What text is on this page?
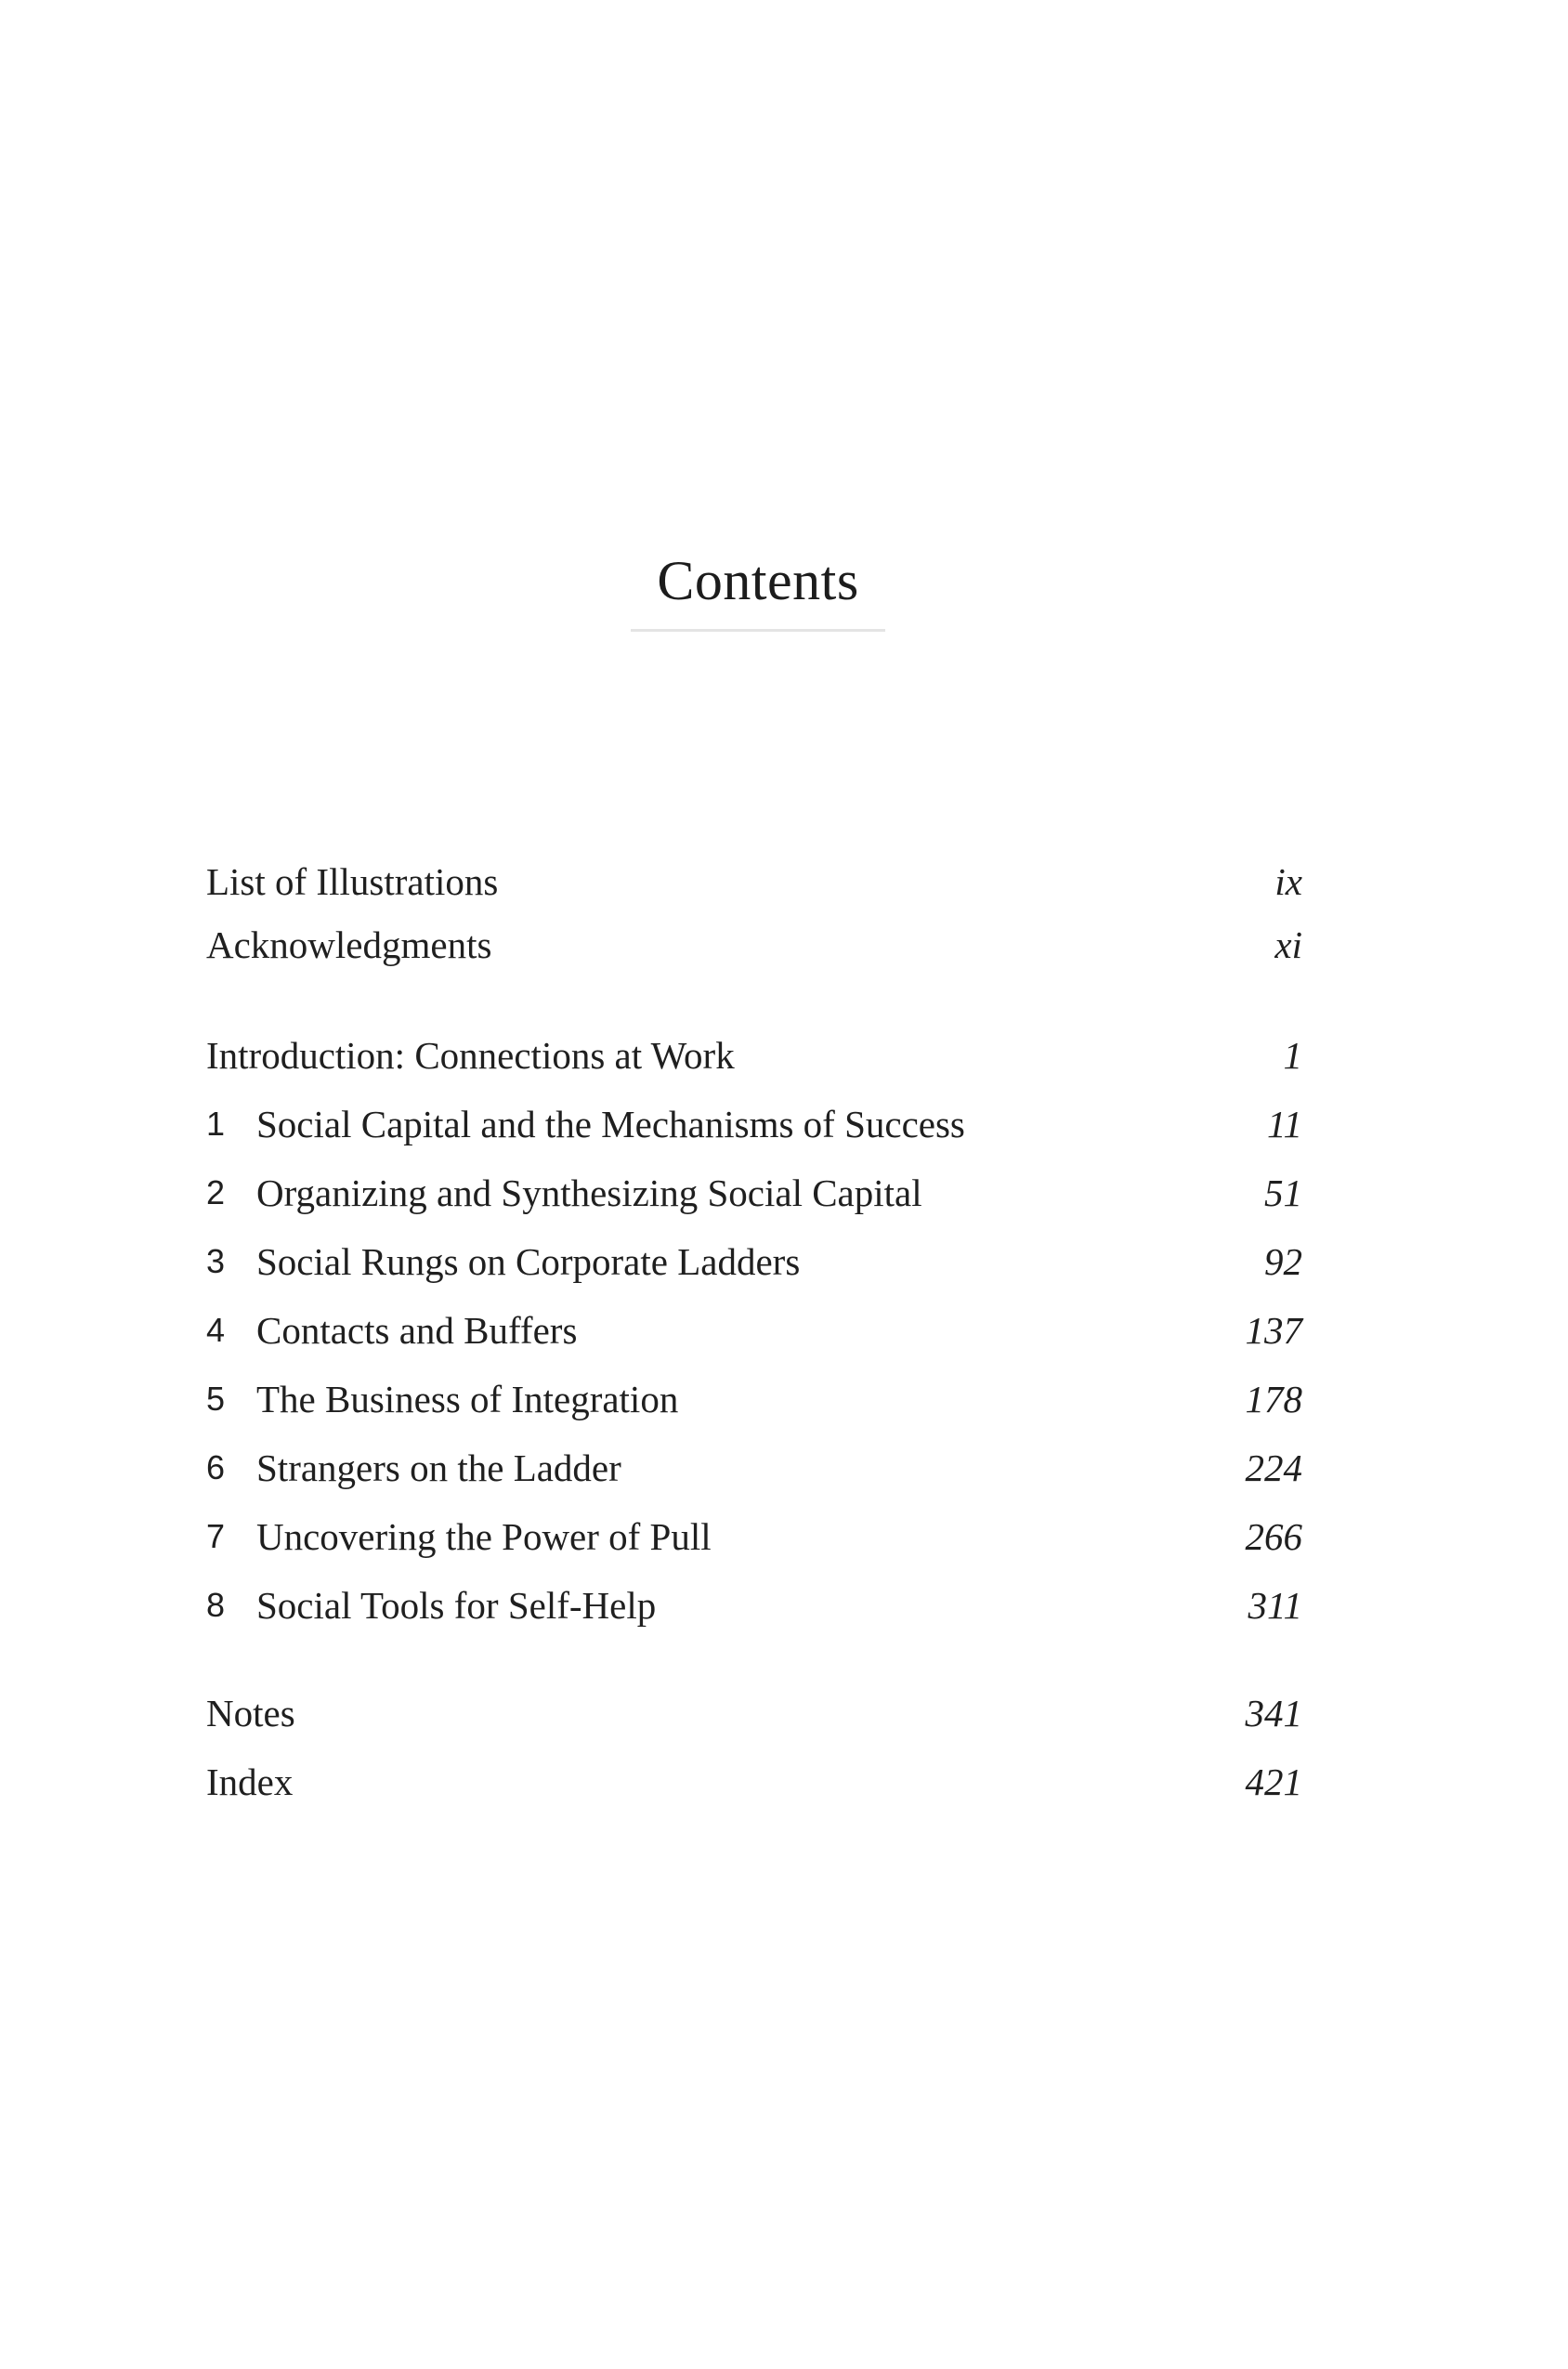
Contents
List of Illustrations	ix
Acknowledgments	xi
Introduction: Connections at Work	1
1 Social Capital and the Mechanisms of Success	11
2 Organizing and Synthesizing Social Capital	51
3 Social Rungs on Corporate Ladders	92
4 Contacts and Buffers	137
5 The Business of Integration	178
6 Strangers on the Ladder	224
7 Uncovering the Power of Pull	266
8 Social Tools for Self-Help	311
Notes	341
Index	421
